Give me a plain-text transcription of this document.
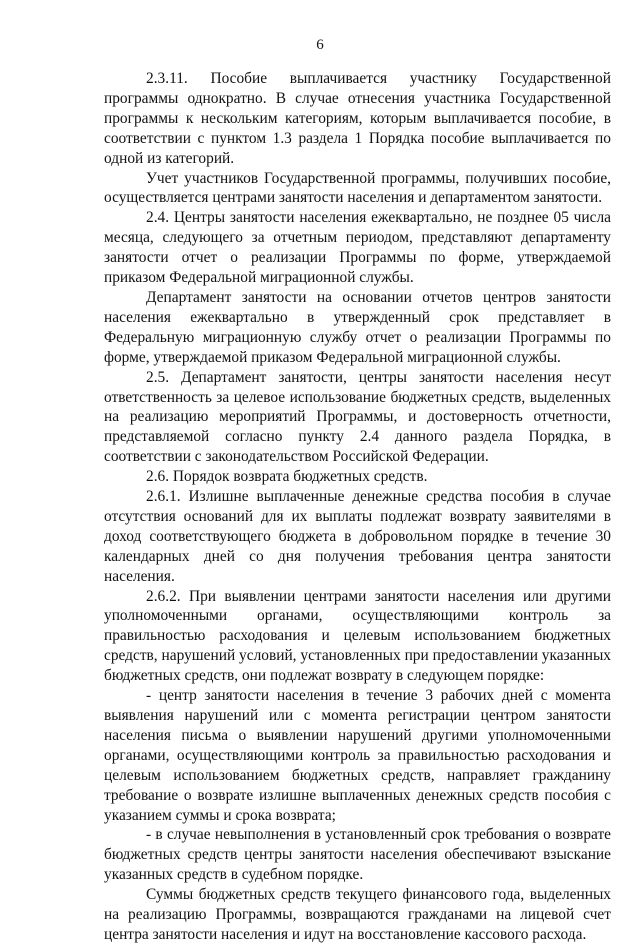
6

2.3.11. Пособие выплачивается участнику Государственной программы однократно. В случае отнесения участника Государственной программы к нескольким категориям, которым выплачивается пособие, в соответствии с пунктом 1.3 раздела 1 Порядка пособие выплачивается по одной из категорий.

Учет участников Государственной программы, получивших пособие, осуществляется центрами занятости населения и департаментом занятости.

2.4. Центры занятости населения ежеквартально, не позднее 05 числа месяца, следующего за отчетным периодом, представляют департаменту занятости отчет о реализации Программы по форме, утверждаемой приказом Федеральной миграционной службы.

Департамент занятости на основании отчетов центров занятости населения ежеквартально в утвержденный срок представляет в Федеральную миграционную службу отчет о реализации Программы по форме, утверждаемой приказом Федеральной миграционной службы.

2.5. Департамент занятости, центры занятости населения несут ответственность за целевое использование бюджетных средств, выделенных на реализацию мероприятий Программы, и достоверность отчетности, представляемой согласно пункту 2.4 данного раздела Порядка, в соответствии с законодательством Российской Федерации.

2.6. Порядок возврата бюджетных средств.

2.6.1. Излишне выплаченные денежные средства пособия в случае отсутствия оснований для их выплаты подлежат возврату заявителями в доход соответствующего бюджета в добровольном порядке в течение 30 календарных дней со дня получения требования центра занятости населения.

2.6.2. При выявлении центрами занятости населения или другими уполномоченными органами, осуществляющими контроль за правильностью расходования и целевым использованием бюджетных средств, нарушений условий, установленных при предоставлении указанных бюджетных средств, они подлежат возврату в следующем порядке:

- центр занятости населения в течение 3 рабочих дней с момента выявления нарушений или с момента регистрации центром занятости населения письма о выявлении нарушений другими уполномоченными органами, осуществляющими контроль за правильностью расходования и целевым использованием бюджетных средств, направляет гражданину требование о возврате излишне выплаченных денежных средств пособия с указанием суммы и срока возврата;

- в случае невыполнения в установленный срок требования о возврате бюджетных средств центры занятости населения обеспечивают взыскание указанных средств в судебном порядке.

Суммы бюджетных средств текущего финансового года, выделенных на реализацию Программы, возвращаются гражданами на лицевой счет центра занятости населения и идут на восстановление кассового расхода.
